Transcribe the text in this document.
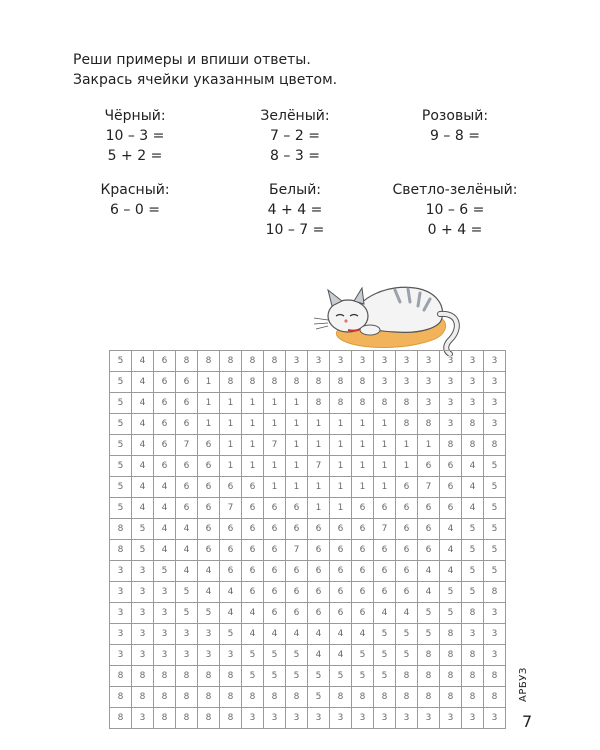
Реши примеры и впиши ответы.
Закрась ячейки указанным цветом.
Чёрный:
10 – 3 =
5 + 2 =
Зелёный:
7 – 2 =
8 – 3 =
Розовый:
9 – 8 =
Красный:
6 – 0 =
Белый:
4 + 4 =
10 – 7 =
Светло-зелёный:
10 – 6 =
0 + 4 =
5	4	6	8	8	8	8	8	3	3	3	3	3	3	3	3	3	3
5	4	6	6	1	8	8	8	8	8	8	8	3	3	3	3	3	3
5	4	6	6	1	1	1	1	1	8	8	8	8	8	3	3	3	3
5	4	6	6	1	1	1	1	1	1	1	1	1	8	8	3	8	3
5	4	6	7	6	1	1	7	1	1	1	1	1	1	1	8	8	8
5	4	6	6	6	1	1	1	1	7	1	1	1	1	6	6	4	5
5	4	4	6	6	6	6	1	1	1	1	1	1	6	7	6	4	5
5	4	4	6	6	7	6	6	6	1	1	6	6	6	6	6	4	5
8	5	4	4	6	6	6	6	6	6	6	6	7	6	6	4	5	5
8	5	4	4	6	6	6	6	7	6	6	6	6	6	6	4	5	5
3	3	5	4	4	6	6	6	6	6	6	6	6	6	4	4	5	5
3	3	3	5	4	4	6	6	6	6	6	6	6	6	4	5	5	8
3	3	3	5	5	4	4	6	6	6	6	6	4	4	5	5	8	3
3	3	3	3	3	5	4	4	4	4	4	4	5	5	5	8	3	3
3	3	3	3	3	3	5	5	5	4	4	5	5	5	8	8	8	3
8	8	8	8	8	8	5	5	5	5	5	5	5	8	8	8	8	8
8	8	8	8	8	8	8	8	8	5	8	8	8	8	8	8	8	8
8	3	8	8	8	8	3	3	3	3	3	3	3	3	3	3	3	3
АРБУЗ
7
